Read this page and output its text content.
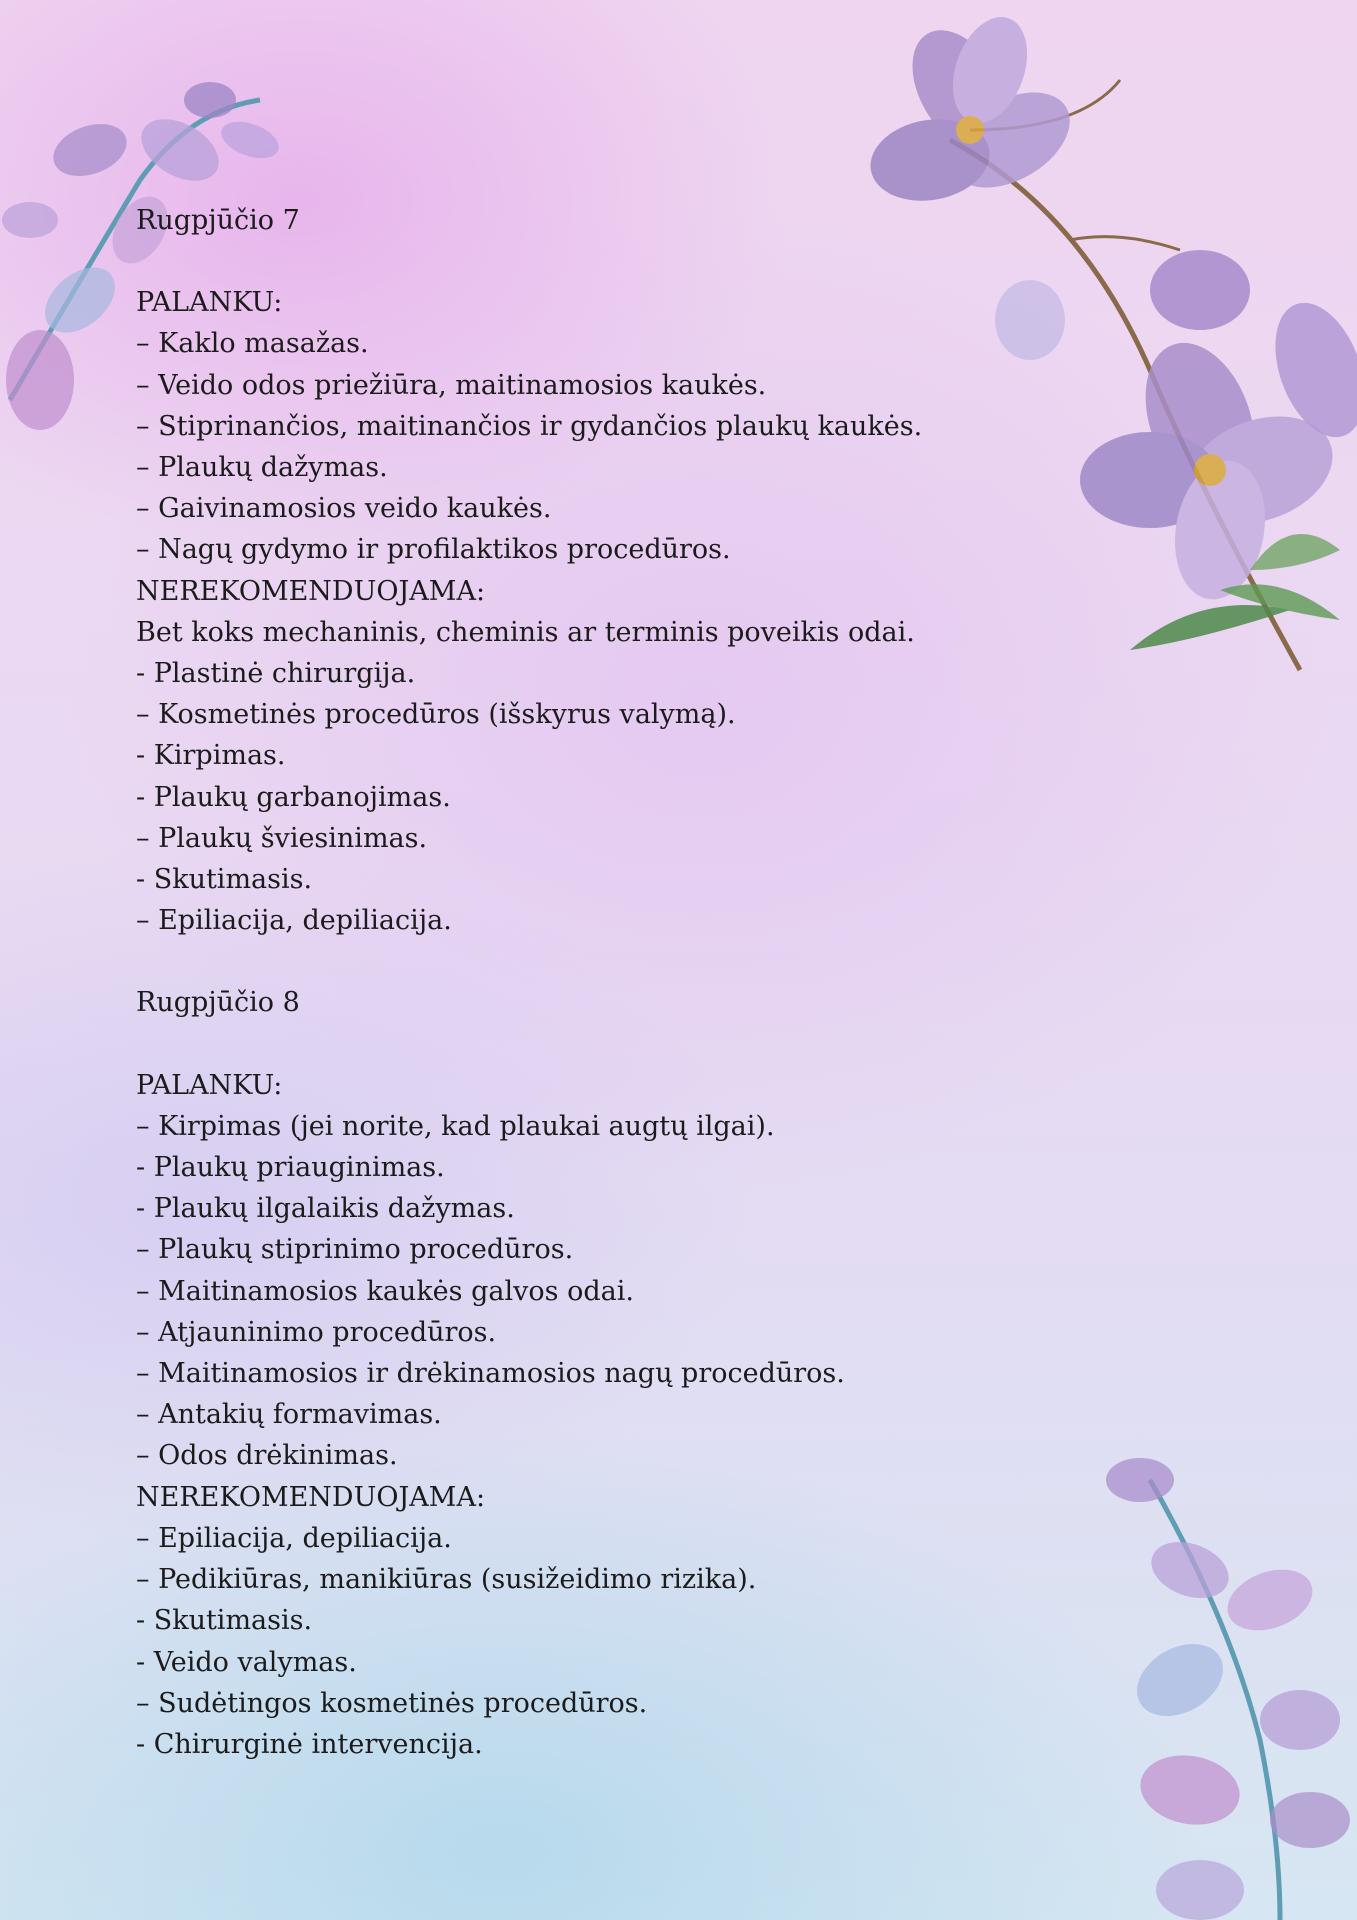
Rugpjūčio 7
PALANKU:
– Kaklo masažas.
– Veido odos priežiūra, maitinamosios kaukės.
– Stiprinančios, maitinančios ir gydančios plaukų kaukės.
– Plaukų dažymas.
– Gaivinamosios veido kaukės.
– Nagų gydymo ir profilaktikos procedūros.
NEREKOMENDUOJAMA:
Bet koks mechaninis, cheminis ar terminis poveikis odai.
- Plastinė chirurgija.
– Kosmetinės procedūros (išskyrus valymą).
- Kirpimas.
- Plaukų garbanojimas.
– Plaukų šviesinimas.
- Skutimasis.
– Epiliacija, depiliacija.
Rugpjūčio 8
PALANKU:
– Kirpimas (jei norite, kad plaukai augtų ilgai).
- Plaukų priauginimas.
- Plaukų ilgalaikis dažymas.
– Plaukų stiprinimo procedūros.
– Maitinamosios kaukės galvos odai.
– Atjauninimo procedūros.
– Maitinamosios ir drėkinamosios nagų procedūros.
– Antakių formavimas.
– Odos drėkinimas.
NEREKOMENDUOJAMA:
– Epiliacija, depiliacija.
– Pedikiūras, manikiūras (susižeidimo rizika).
- Skutimasis.
- Veido valymas.
– Sudėtingos kosmetinės procedūros.
- Chirurginė intervencija.
